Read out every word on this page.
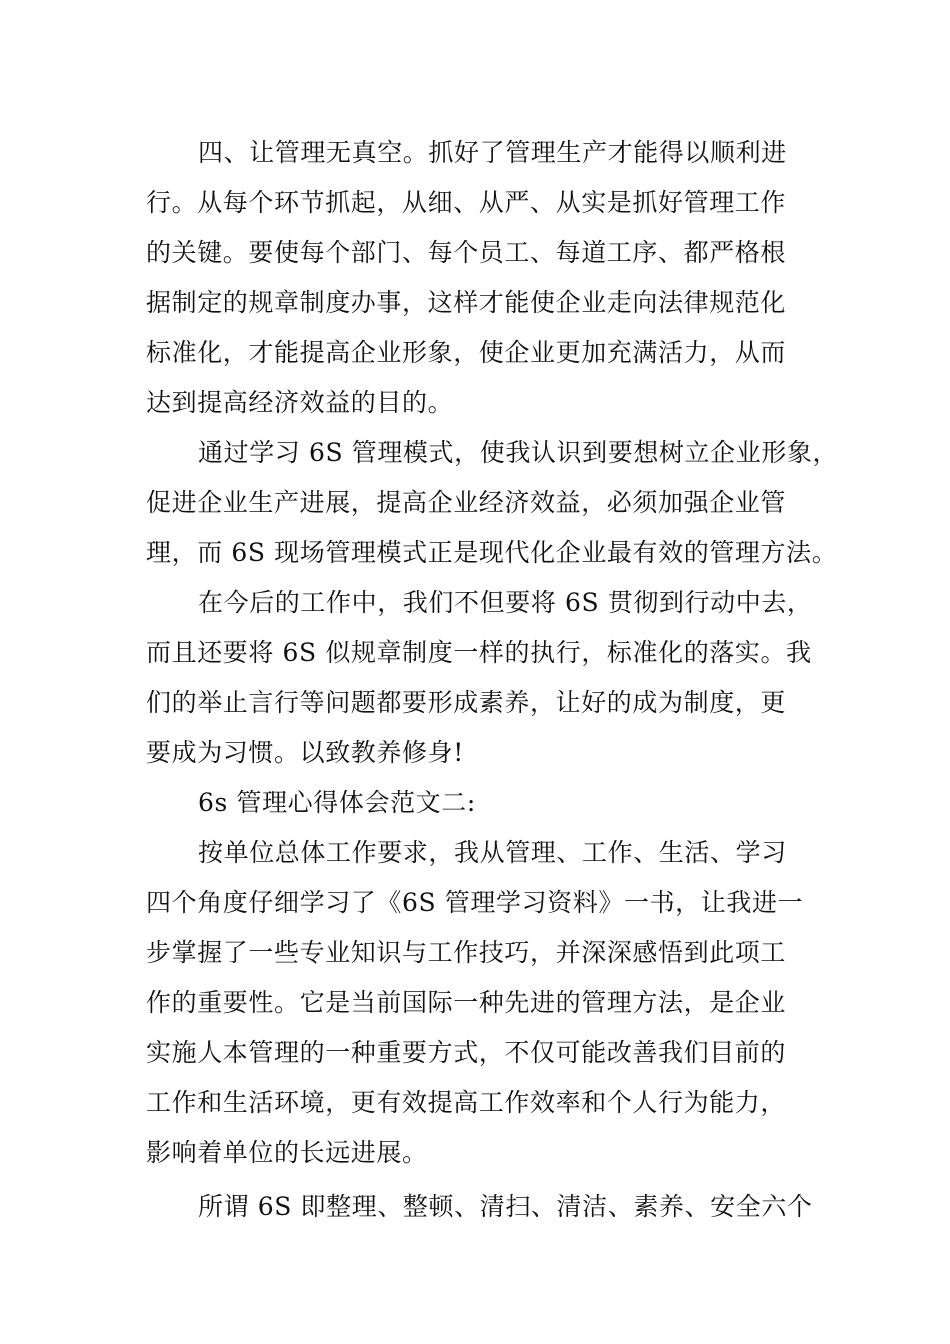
四、让管理无真空。抓好了管理生产才能得以顺利进
行。从每个环节抓起，从细、从严、从实是抓好管理工作
的关键。要使每个部门、每个员工、每道工序、都严格根
据制定的规章制度办事，这样才能使企业走向法律规范化
标准化，才能提高企业形象，使企业更加充满活力，从而
达到提高经济效益的目的。
通过学习 6S 管理模式，使我认识到要想树立企业形象，
促进企业生产进展，提高企业经济效益，必须加强企业管
理，而 6S 现场管理模式正是现代化企业最有效的管理方法。
在今后的工作中，我们不但要将 6S 贯彻到行动中去，
而且还要将 6S 似规章制度一样的执行，标准化的落实。我
们的举止言行等问题都要形成素养，让好的成为制度，更
要成为习惯。以致教养修身!
6s 管理心得体会范文二:
按单位总体工作要求，我从管理、工作、生活、学习
四个角度仔细学习了《6S 管理学习资料》一书，让我进一
步掌握了一些专业知识与工作技巧，并深深感悟到此项工
作的重要性。它是当前国际一种先进的管理方法，是企业
实施人本管理的一种重要方式，不仅可能改善我们目前的
工作和生活环境，更有效提高工作效率和个人行为能力，
影响着单位的长远进展。
所谓 6S 即整理、整顿、清扫、清洁、素养、安全六个
